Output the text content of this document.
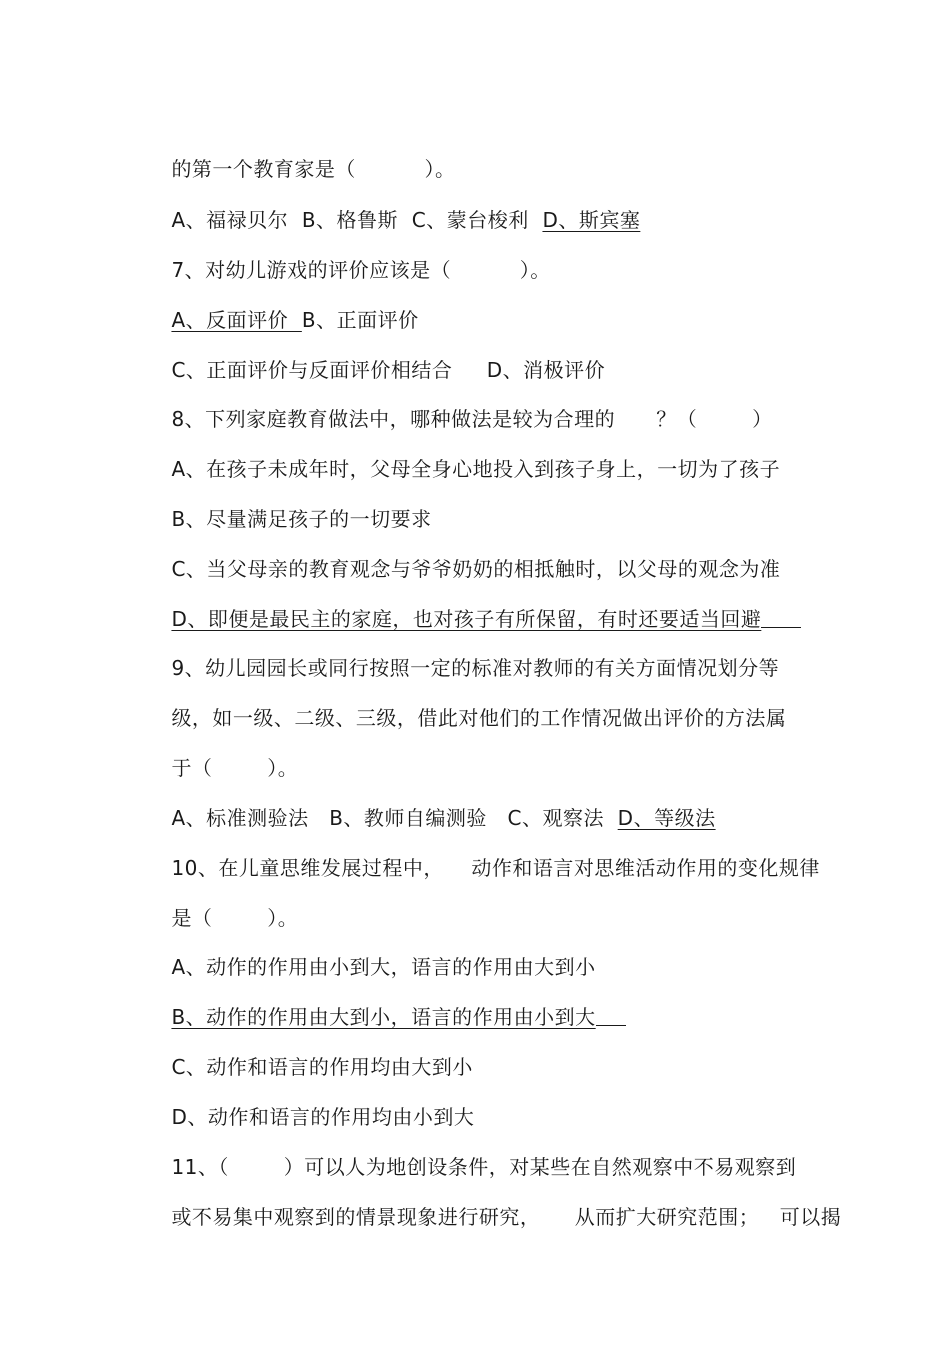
的第一个教育家是（          ）。

A、福禄贝尔  B、格鲁斯  C、蒙台梭利  D、斯宾塞

7、对幼儿游戏的评价应该是（          ）。

A、反面评价  B、正面评价

C、正面评价与反面评价相结合     D、消极评价

8、下列家庭教育做法中，哪种做法是较为合理的      ？（        ）

A、在孩子未成年时，父母全身心地投入到孩子身上，一切为了孩子

B、尽量满足孩子的一切要求

C、当父母亲的教育观念与爷爷奶奶的相抵触时，以父母的观念为准

D、即便是最民主的家庭，也对孩子有所保留，有时还要适当回避

9、幼儿园园长或同行按照一定的标准对教师的有关方面情况划分等

级，如一级、二级、三级，借此对他们的工作情况做出评价的方法属

于（        ）。

A、标准测验法   B、教师自编测验   C、观察法  D、等级法

10、在儿童思维发展过程中，    动作和语言对思维活动作用的变化规律

是（        ）。

A、动作的作用由小到大，语言的作用由大到小

B、动作的作用由大到小，语言的作用由小到大

C、动作和语言的作用均由大到小

D、动作和语言的作用均由小到大

11、（        ）可以人为地创设条件，对某些在自然观察中不易观察到

或不易集中观察到的情景现象进行研究，     从而扩大研究范围；   可以揭
